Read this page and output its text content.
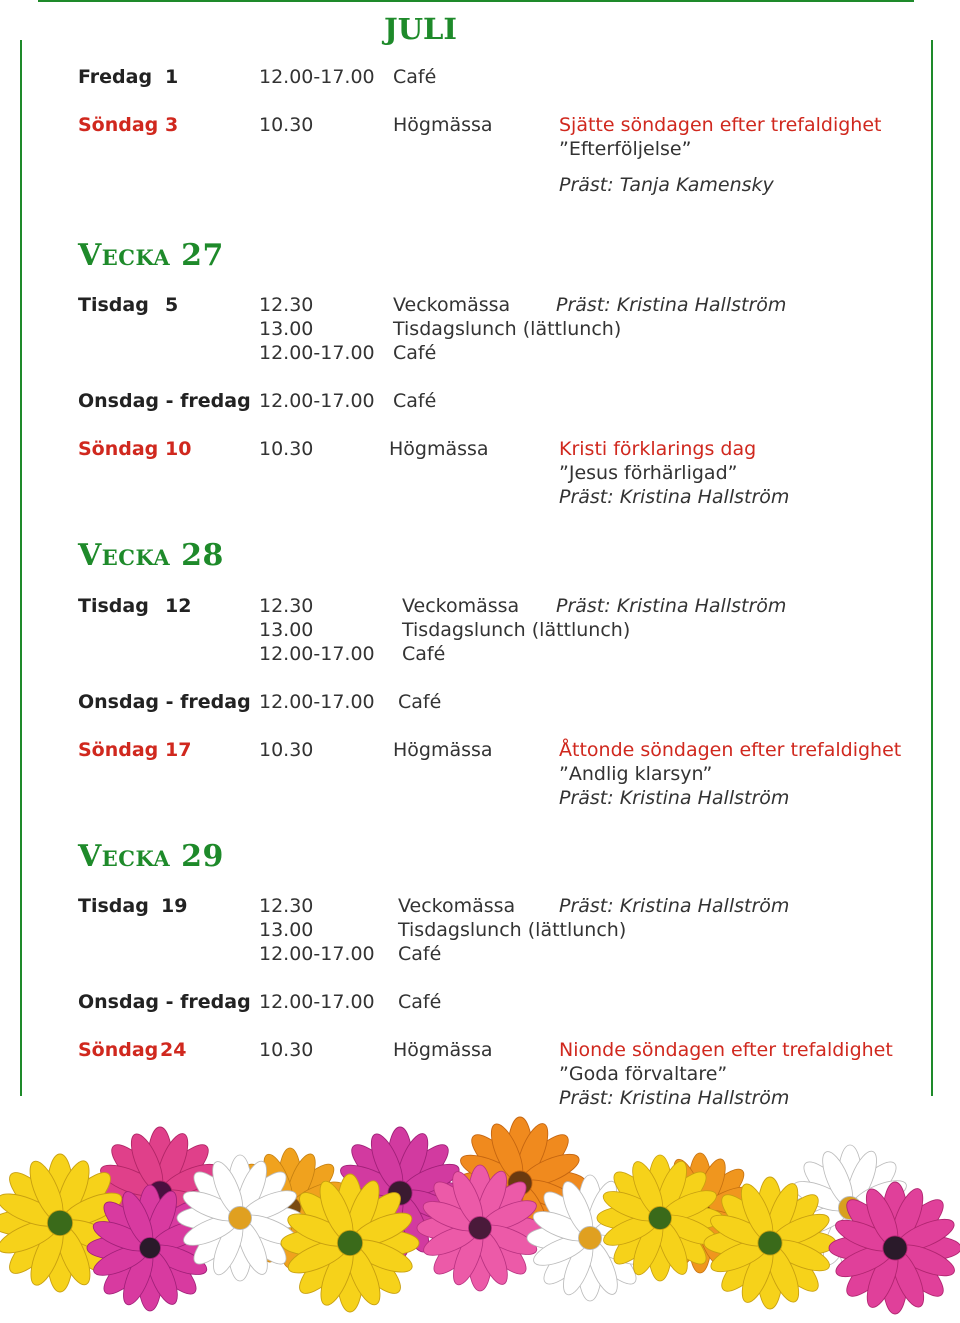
JULI
Fredag 1	12.00-17.00 Café
Söndag 3	10.30	Högmässa	Sjätte söndagen efter trefaldighet
”Efterföljelse”
Präst: Tanja Kamensky
Vecka 27
Tisdag 5	12.30	Veckomässa Präst: Kristina Hallström
13.00	Tisdagslunch (lättlunch)
12.00-17.00 Café
Onsdag - fredag 12.00-17.00 Café
Söndag 10	10.30	Högmässa	Kristi förklarings dag
”Jesus förhärligad”
Präst: Kristina Hallström
Vecka 28
Tisdag 12	12.30	Veckomässa Präst: Kristina Hallström
13.00	Tisdagslunch (lättlunch)
12.00-17.00 Café
Onsdag - fredag 12.00-17.00 Café
Söndag 17	10.30	Högmässa	Åttonde söndagen efter trefaldighet
”Andlig klarsyn”
Präst: Kristina Hallström
Vecka 29
Tisdag 19	12.30	Veckomässa Präst: Kristina Hallström
13.00	Tisdagslunch (lättlunch)
12.00-17.00 Café
Onsdag - fredag 12.00-17.00 Café
Söndag 24	10.30	Högmässa	Nionde söndagen efter trefaldighet
”Goda förvaltare”
Präst: Kristina Hallström
